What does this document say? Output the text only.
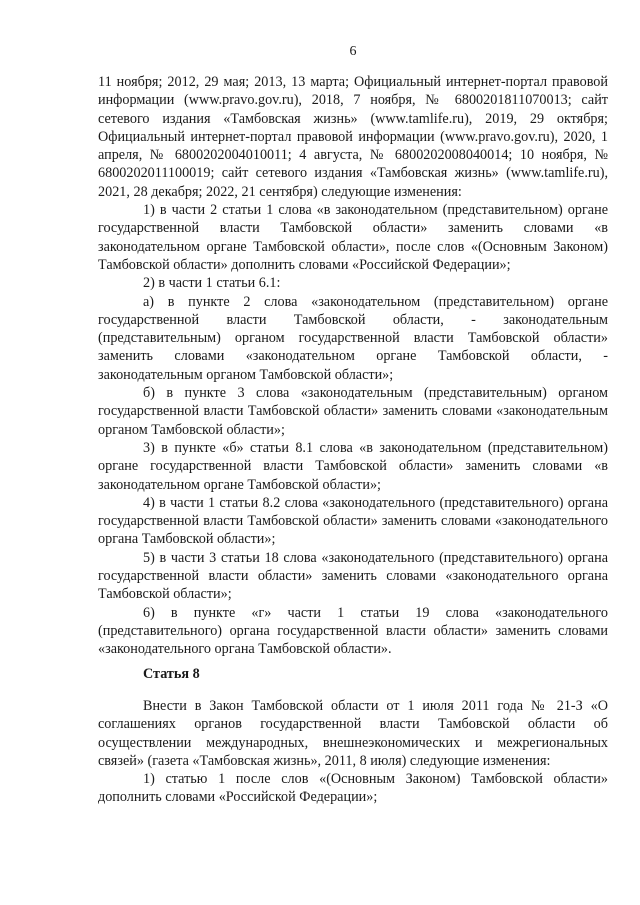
6

11 ноября; 2012, 29 мая; 2013, 13 марта; Официальный интернет-портал правовой информации (www.pravo.gov.ru), 2018, 7 ноября, № 6800201811070013; сайт сетевого издания «Тамбовская жизнь» (www.tamlife.ru), 2019, 29 октября; Официальный интернет-портал правовой информации (www.pravo.gov.ru), 2020, 1 апреля, № 6800202004010011; 4 августа, № 6800202008040014; 10 ноября, № 6800202011100019; сайт сетевого издания «Тамбовская жизнь» (www.tamlife.ru), 2021, 28 декабря; 2022, 21 сентября) следующие изменения:

1) в части 2 статьи 1 слова «в законодательном (представительном) органе государственной власти Тамбовской области» заменить словами «в законодательном органе Тамбовской области», после слов «(Основным Законом) Тамбовской области» дополнить словами «Российской Федерации»;

2) в части 1 статьи 6.1:

а) в пункте 2 слова «законодательном (представительном) органе государственной власти Тамбовской области, - законодательным (представительным) органом государственной власти Тамбовской области» заменить словами «законодательном органе Тамбовской области, - законодательным органом Тамбовской области»;

б) в пункте 3 слова «законодательным (представительным) органом государственной власти Тамбовской области» заменить словами «законодательным органом Тамбовской области»;

3) в пункте «б» статьи 8.1 слова «в законодательном (представительном) органе государственной власти Тамбовской области» заменить словами «в законодательном органе Тамбовской области»;

4) в части 1 статьи 8.2 слова «законодательного (представительного) органа государственной власти Тамбовской области» заменить словами «законодательного органа Тамбовской области»;

5) в части 3 статьи 18 слова «законодательного (представительного) органа государственной власти области» заменить словами «законодательного органа Тамбовской области»;

6) в пункте «г» части 1 статьи 19 слова «законодательного (представительного) органа государственной власти области» заменить словами «законодательного органа Тамбовской области».

Статья 8

Внести в Закон Тамбовской области от 1 июля 2011 года № 21-З «О соглашениях органов государственной власти Тамбовской области об осуществлении международных, внешнеэкономических и межрегиональных связей» (газета «Тамбовская жизнь», 2011, 8 июля) следующие изменения:

1) статью 1 после слов «(Основным Законом) Тамбовской области» дополнить словами «Российской Федерации»;
